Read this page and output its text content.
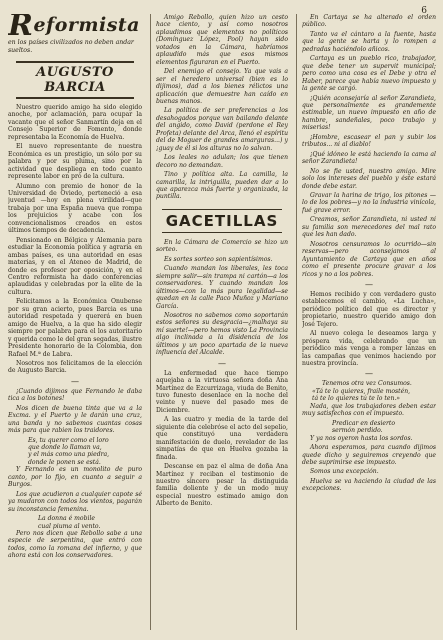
6
Reformista
en los países civilizados no deben andar sueltos.
AUGUSTO BARCIA

Nuestro querido amigo ha sido elegido anoche, por aclamación, para ocupar la vacante que el señor Sanmartín deja en el Consejo Superior de Fomento, donde representaba la Economía de Huelva.

El nuevo representante de nuestra Económica es un prestigio, un sólo por su palabra y por su pluma, sino por la actividad que despliega en todo cuanto represente labor en pró de la cultura.

Alumno con premio de honor de la Universidad de Oviedo, perteneció a esa juventud —hoy en plena virilidad—que trabaja por una España nueva que rompa los prejuicios y acabe con los convencionalismos creados en estos últimos tiempos de decadencia.

Pensionado en Bélgica y Alemania para estudiar la Economía política y agraria en ambas países, es una autoridad en esas materias, y en el Ateneo de Madrid, de donde es profesor por oposición, y en el Centro reformista ha dado conferencias aplaudidas y celebradas por la elite de la cultura.

Felicitamos a la Económica Onubense por su gran acierto, pues Barcia es una autoridad respetada y quererá en buen amigo de Huelva, a la que ha sido elegir siempre por palabra para el los autoritario y querida como le del gran segadas, ilustre Presidente honorario de la Colombia, don Rafael M.ª de Labra.

Nosotros nos felicitamos de la elección de Augusto Barcia.

—

¡Cuando dijimos que Fernando le daba tica a los botones!

Nos dicen de buena tinta que va a la Excma. y el Puerto y le darán una cruz, una banda y no sabemos cuantas cosas más para que rabien los traidores.

Es, tu querer como el loro
que donde lo llaman va,
y el más como una piedra,
donde le ponen se está.

Y Fernando es un monolito de puro canto, por lo fijo, en cuanto a seguir a Burgos.

Los que acudieron a cualquier capote sé ya mudaron con todos los vientos, pagarán su inconstancia femenina.

La donna é mobile
cual piuma al vento.

Pero nos dicen que Rebollo sabe a una especie de serpentina, que entró con todos, como la romana del infierno, y que ahora está con los conservadores.

Amigo Rebollo, quien hizo un cesto hace ciento, y así como nosotros aplaudimos que elementos no políticos (Domínguez López, Pool) hayan sido votados en la Cámara, habríamos aplaudido más que esos mismos elementos figuraran en el Puerto.

Del enemigo el consejo. Ya que vais a ser el heredero universal (bien es lo dijimos), dad a los bienes rélictos una aplicación que demuestre han caído en buenas manos.

La política de ser preferencias a los desahogados porque van bailando delante del angido, como David (perdone el Rey Profeta) delante del Arca, llenó el espíritu del de Moguer de grandes amarguras...) y ¡guay de él si los alturas no lo salvan.

Los leales no adulan; los que tienen decoro no demandan.

Tino y política alta. La camilla, la camarilla, la intriguilla, pueden dar a lo que aparezca más fuerte y organizada, la puntilla.

GACETILLAS

En la Cámara de Comercio se hizo un sorteo.

Es sortes sorteo son sapientísimos.

Cuando mandan los liberales, les toca siempre salir—sin trampa ni cartón—a los conservadores. Y cuando mandan los últimos—con la más pura legalidad—se quedan en la calle Paco Muñoz y Mariano García.

Nosotros no sabemos como soportarán estos señores su desgracia—¿malhaya su mí suerte!—pero hemos visto La Provincia algo inclinada a la disidencia de los últimos y un poco apartada de la nueva influencia del Alcalde.

—

La enfermedad que hace tiempo aquejaba a la virtuosa señora doña Ana Martínez de Ezcurrizaga, viuda de Benito, tuvo funesto desenlace en la noche del veinte y nueve del pasado mes de Diciembre.

A las cuatro y media de la tarde del siguiente día celebróse el acto del sepelio, que constituyó una verdadera manifestación de duelo, revelador de las simpatías de que en Huelva gozaba la finada.

Descanse en paz el alma de doña Ana Martínez y reciban el testimonio de nuestro sincero pesar la distinguida familia doliente y de un modo muy especial nuestro estimado amigo don Alberto de Benito.

En Cartaya se ha alterado el orden público.

Tanto va el cántaro a la fuente, hasta que la gente se harta y lo rompen a pedradas haciéndolo añicos.

Cartaya es un pueblo rico, trabajador, que debe tener un supervit municipal; pero como una cosa es el Debe y otra el Haber, parece que había nuevo impuesto y la gente se cargó.

¡Quién aconsejaría al señor Zarandieta, que personalmente es grandemente estimable, un nuevo impuesto en año de hambre, sandeñales, poco trabajo y miserias!

¡Hombre, escasear el pan y subir los tributos... ni al diablo!

¡Qué idóneo le está haciendo la cama al señor Zarandieta!

No se fie usted, nuestro amigo. Mire solo los intereses del pueblo y éste estará donde debe estar.

Gravar la harina de trigo, los pitones —lo de los pobres—y no la industria vinícola, fué grave error.

Creamos, señor Zarandieta, ni usted ni su familia son merecedores del mal rato que les han dado.

Nosotros censuramos lo ocurrido—sin reservas—pero aconsejamos al Ayuntamiento de Cartaya que en años como el presente procure gravar a los ricos y no a los pobres.

—

Hemos recibido y con verdadero gusto establecemos el cambio, «La Lucha», periódico político del que es director y propietario, nuestro querido amigo don José Tejero.

Al nuevo colega le deseamos larga y próspera vida, celebrando que un periódico más venga a romper lanzas en las campañas que venimos haciendo por nuestra provincia.

—
Tenemos otra vez Consumos.
«Tá te lo quieres, fraile mostén,
tá te lo quieres tú te lo ten.»

Nada, que los trabajadores deben estar muy satisfechos con el impuesto.

Predicar en desierto
sermón perdido.

Y ya nos oyeron hasta los sordos.

Ahora esperamos, para cuando dijimos quede dicho y seguiremos creyendo que debe suprimirse ese impuesto.

Somos una excepción.

Huelva se va haciendo la ciudad de las excepciones.
